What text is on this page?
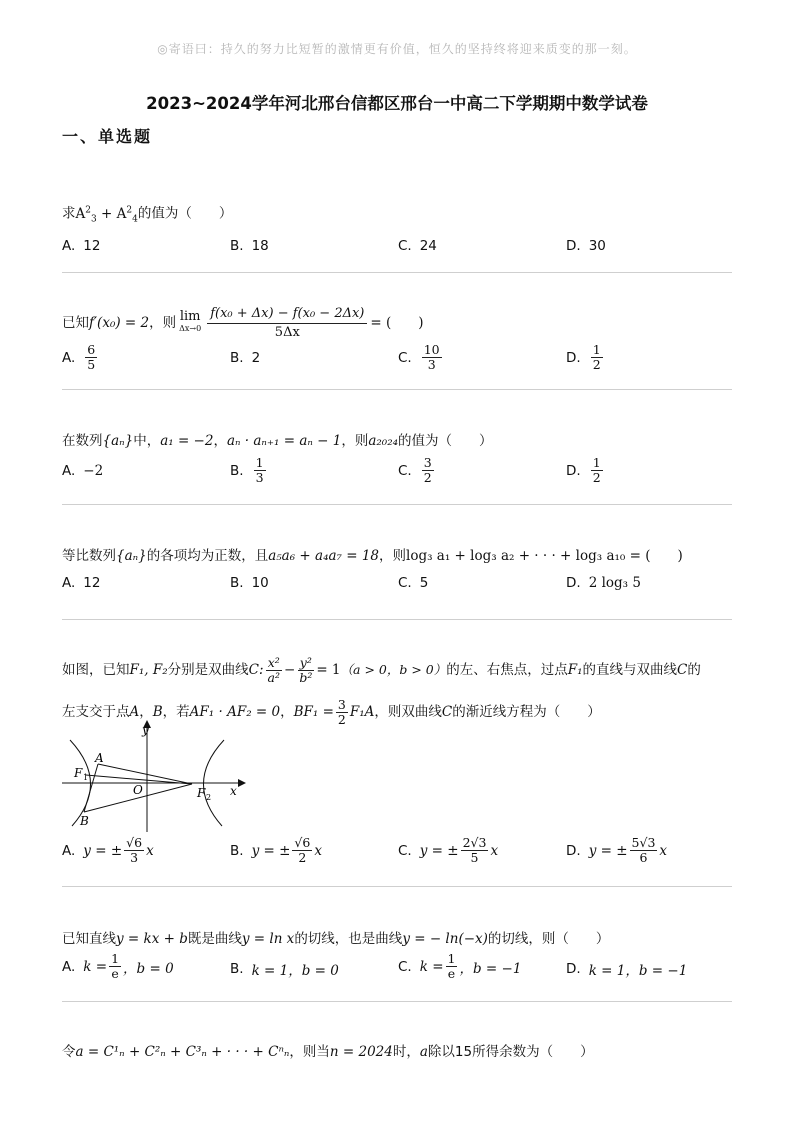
◎寄语曰：持久的努力比短暂的激情更有价值，恒久的坚持终将迎来质变的那一刻。
2023~2024学年河北邢台信都区邢台一中高二下学期期中数学试卷
一、单选题
求$A^2_3 + A^2_4$的值为（　　）
A. 12	B. 18	C. 24	D. 30
已知 f′(x₀) = 2 ，则 lim
$\Delta x\to 0 \frac{\text{f(x₀ + Δx) − f(x₀ − 2Δx)}}{5\Delta x}$ = (　　)
A. $\frac{6}{5}$	B. 2	C. $\frac{10}{3}$	D. $\frac{1}{2}$
在数列{aₙ}中，a₁ = −2，aₙ · aₙ₊₁ = aₙ − 1，则a₂₀₂₄的值为（　　）
A. −2	B. $\frac{1}{3}$	C. $\frac{3}{2}$	D. $\frac{1}{2}$
等比数列{aₙ}的各项均为正数，且a₅a₆ + a₄a₇ = 18，则log₃ a₁ + log₃ a₂ + · · · + log₃ a₁₀ = (　　)
A. 12	B. 10	C. 5	D. 2 log₃ 5
如图，已知 F₁, F₂ 分别是双曲线 C: $\frac{\text{x²}}{\text{a²}} - \frac{\text{y²}}{\text{b²}} = 1$ （a > 0，b > 0） 的左、右焦点，过点 F₁ 的直线与双曲线 C 的
左支交于点 A ， B ，若 AF₁ · AF₂ = 0 ， $BF_1 = \frac{3}{2} F_1A$ ，则双曲线 C 的渐近线方程为（　　）
y
x
O
A
B
F 1
F 2
A. y = ± $\frac{√6}{3}$ x	B. y = ± $\frac{√6}{2}$ x	C. y = ± $\frac{2√3}{5}$ x	D. y = ± $\frac{5√3}{6}$ x
已知直线y = kx + b既是曲线y = ln x的切线，也是曲线y = − ln(−x)的切线，则（　　）
A. $k = \frac{1}{e}$ ，b = 0	B. k = 1，b = 0	C. $k = \frac{1}{e}$ ，b = −1	D. k = 1，b = −1
令a = C¹ₙ + C²ₙ + C³ₙ + · · · + Cⁿₙ，则当n = 2024时，a除以15所得余数为（　　）
